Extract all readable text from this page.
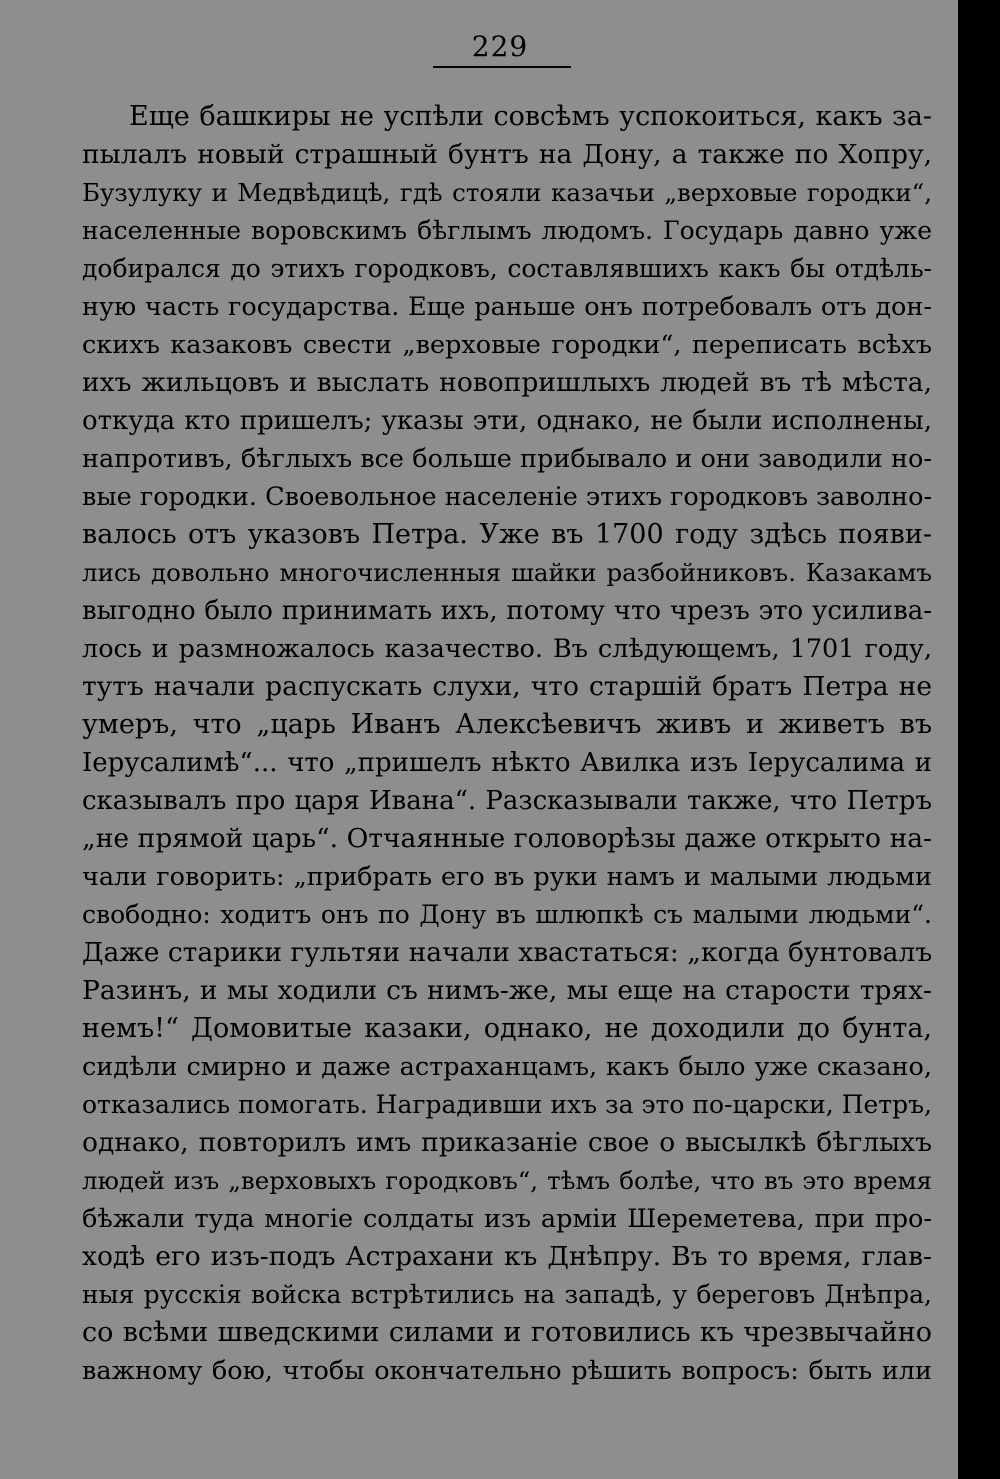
229
Еще башкиры не успѣли совсѣмъ успокоиться, какъ за-
пылалъ новый страшный бунтъ на Дону, а также по Хопру,
Бузулуку и Медвѣдицѣ, гдѣ стояли казачьи „верховые городки“,
населенные воровскимъ бѣглымъ людомъ. Государь давно уже
добирался до этихъ городковъ, составлявшихъ какъ бы отдѣль-
ную часть государства. Еще раньше онъ потребовалъ отъ дон-
скихъ казаковъ свести „верховые городки“, переписать всѣхъ
ихъ жильцовъ и выслать новопришлыхъ людей въ тѣ мѣста,
откуда кто пришелъ; указы эти, однако, не были исполнены,
напротивъ, бѣглыхъ все больше прибывало и они заводили но-
вые городки. Своевольное населеніе этихъ городковъ заволно-
валось отъ указовъ Петра. Уже въ 1700 году здѣсь появи-
лись довольно многочисленныя шайки разбойниковъ. Казакамъ
выгодно было принимать ихъ, потому что чрезъ это усилива-
лось и размножалось казачество. Въ слѣдующемъ, 1701 году,
тутъ начали распускать слухи, что старшій братъ Петра не
умеръ, что „царь Иванъ Алексѣевичъ живъ и живетъ въ
Іерусалимѣ“... что „пришелъ нѣкто Авилка изъ Іерусалима и
сказывалъ про царя Ивана“. Разсказывали также, что Петръ
„не прямой царь“. Отчаянные головорѣзы даже открыто на-
чали говорить: „прибрать его въ руки намъ и малыми людьми
свободно: ходитъ онъ по Дону въ шлюпкѣ съ малыми людьми“.
Даже старики гультяи начали хвастаться: „когда бунтовалъ
Разинъ, и мы ходили съ нимъ-же, мы еще на старости трях-
немъ!“ Домовитые казаки, однако, не доходили до бунта,
сидѣли смирно и даже астраханцамъ, какъ было уже сказано,
отказались помогать. Наградивши ихъ за это по-царски, Петръ,
однако, повторилъ имъ приказаніе свое о высылкѣ бѣглыхъ
людей изъ „верховыхъ городковъ“, тѣмъ болѣе, что въ это время
бѣжали туда многіе солдаты изъ арміи Шереметева, при про-
ходѣ его изъ-подъ Астрахани къ Днѣпру. Въ то время, глав-
ныя русскія войска встрѣтились на западѣ, у береговъ Днѣпра,
со всѣми шведскими силами и готовились къ чрезвычайно
важному бою, чтобы окончательно рѣшить вопросъ: быть или
